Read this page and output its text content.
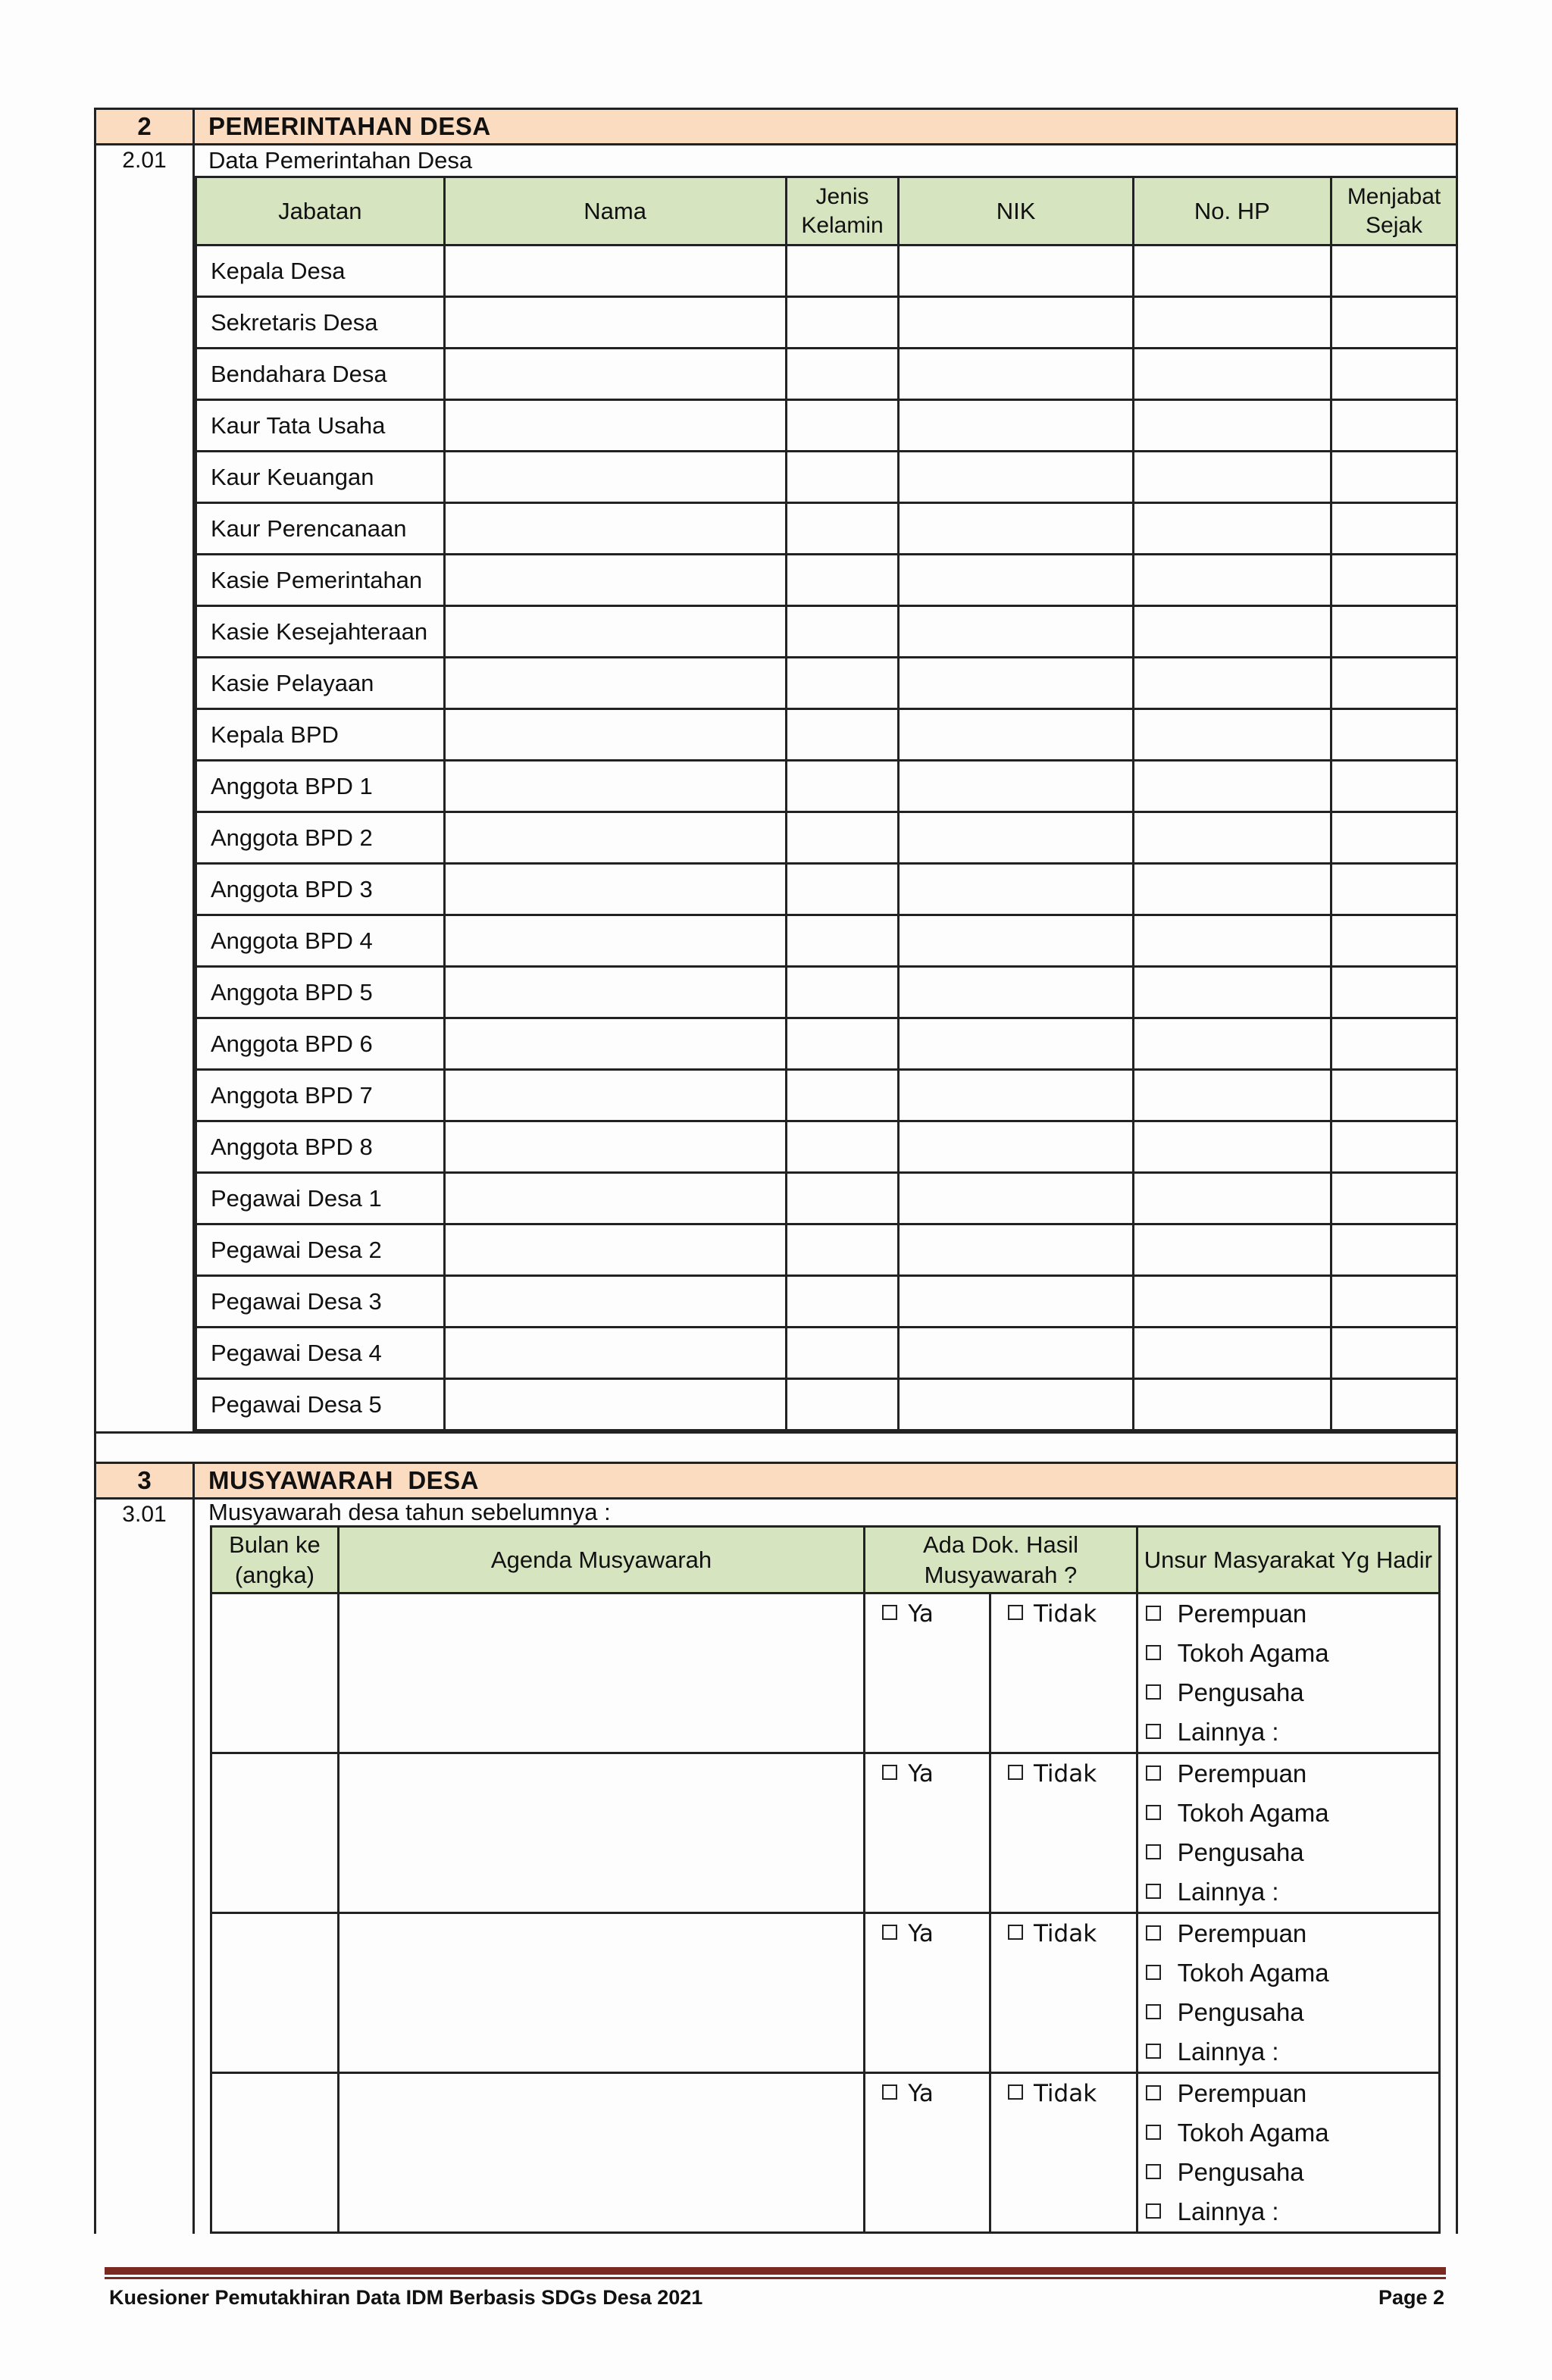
2	PEMERINTAHAN DESA
2.01	Data Pemerintahan Desa
Jabatan	Nama	Jenis Kelamin	NIK	No. HP	Menjabat Sejak
Kepala Desa					
Sekretaris Desa					
Bendahara Desa					
Kaur Tata Usaha					
Kaur Keuangan					
Kaur Perencanaan					
Kasie Pemerintahan					
Kasie Kesejahteraan					
Kasie Pelayaan					
Kepala BPD					
Anggota BPD 1					
Anggota BPD 2					
Anggota BPD 3					
Anggota BPD 4					
Anggota BPD 5					
Anggota BPD 6					
Anggota BPD 7					
Anggota BPD 8					
Pegawai Desa 1					
Pegawai Desa 2					
Pegawai Desa 3					
Pegawai Desa 4					
Pegawai Desa 5					
3	MUSYAWARAH  DESA
3.01	Musyawarah desa tahun sebelumnya :
Bulan ke (angka)	Agenda Musyawarah	Ada Dok. Hasil Musyawarah ?		Unsur Masyarakat Yg Hadir
		Ya	Tidak	Perempuan
Tokoh Agama
Pengusaha
Lainnya :

		Ya	Tidak	Perempuan
Tokoh Agama
Pengusaha
Lainnya :

		Ya	Tidak	Perempuan
Tokoh Agama
Pengusaha
Lainnya :

		Ya	Tidak	Perempuan
Tokoh Agama
Pengusaha
Lainnya :
Kuesioner Pemutakhiran Data IDM Berbasis SDGs Desa 2021	Page 2
